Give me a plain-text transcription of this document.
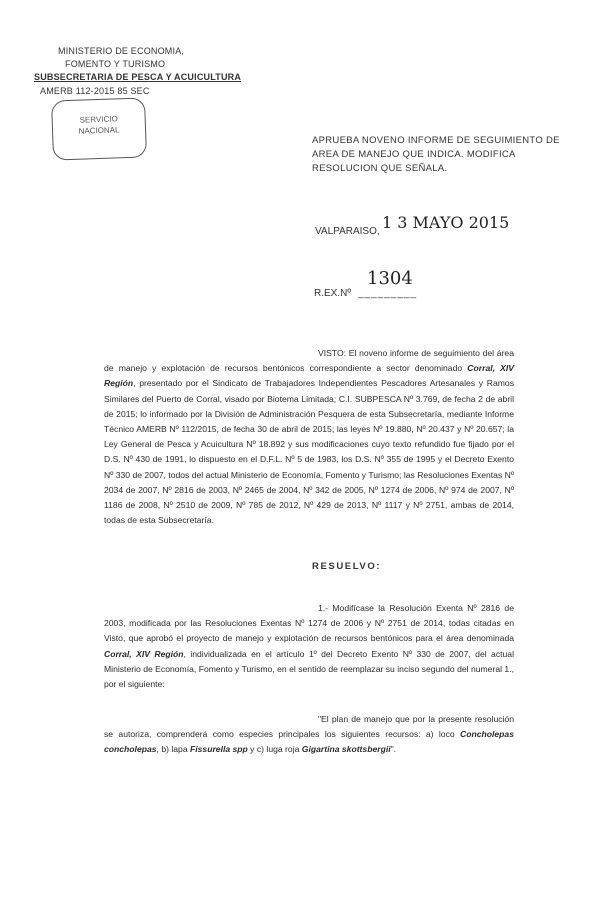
MINISTERIO DE ECONOMIA,
FOMENTO Y TURISMO
SUBSECRETARIA DE PESCA Y ACUICULTURA
AMERB 112-2015 85 SEC
SERVICIO
NACIONAL
APRUEBA NOVENO INFORME DE SEGUIMIENTO DE AREA DE MANEJO QUE INDICA. MODIFICA RESOLUCION QUE SEÑALA.
VALPARAISO, 1 3 MAYO 2015
R.EX.Nº _________
1304

VISTO: El noveno informe de seguimiento del área de manejo y explotación de recursos bentónicos correspondiente a sector denominado Corral, XIV Región, presentado por el Sindicato de Trabajadores Independientes Pescadores Artesanales y Ramos Similares del Puerto de Corral, visado por Biotema Limitada; C.I. SUBPESCA Nº 3.769, de fecha 2 de abril de 2015; lo informado por la División de Administración Pesquera de esta Subsecretaría, mediante Informe Técnico AMERB Nº 112/2015, de fecha 30 de abril de 2015; las leyes Nº 19.880, Nº 20.437 y Nº 20.657; la Ley General de Pesca y Acuicultura Nº 18.892 y sus modificaciones cuyo texto refundido fue fijado por el D.S. Nº 430 de 1991, lo dispuesto en el D.F.L. Nº 5 de 1983, los D.S. Nº 355 de 1995 y el Decreto Exento Nº 330 de 2007, todos del actual Ministerio de Economía, Fomento y Turismo; las Resoluciones Exentas Nº 2034 de 2007, Nº 2816 de 2003, Nº 2465 de 2004, Nº 342 de 2005, Nº 1274 de 2006, Nº 974 de 2007, Nº 1186 de 2008, Nº 2510 de 2009, Nº 785 de 2012, Nº 429 de 2013, Nº 1117 y Nº 2751, ambas de 2014, todas de esta Subsecretaría.

RESUELVO:

1.- Modifícase la Resolución Exenta Nº 2816 de 2003, modificada por las Resoluciones Exentas Nº 1274 de 2006 y Nº 2751 de 2014, todas citadas en Visto, que aprobó el proyecto de manejo y explotación de recursos bentónicos para el área denominada Corral, XIV Región, individualizada en el artículo 1º del Decreto Exento Nº 330 de 2007, del actual Ministerio de Economía, Fomento y Turismo, en el sentido de reemplazar su inciso segundo del numeral 1., por el siguiente:

"El plan de manejo que por la presente resolución se autoriza, comprenderá como especies principales los siguientes recursos: a) loco Concholepas concholepas, b) lapa Fissurella spp y c) luga roja Gigartina skottsbergii".
